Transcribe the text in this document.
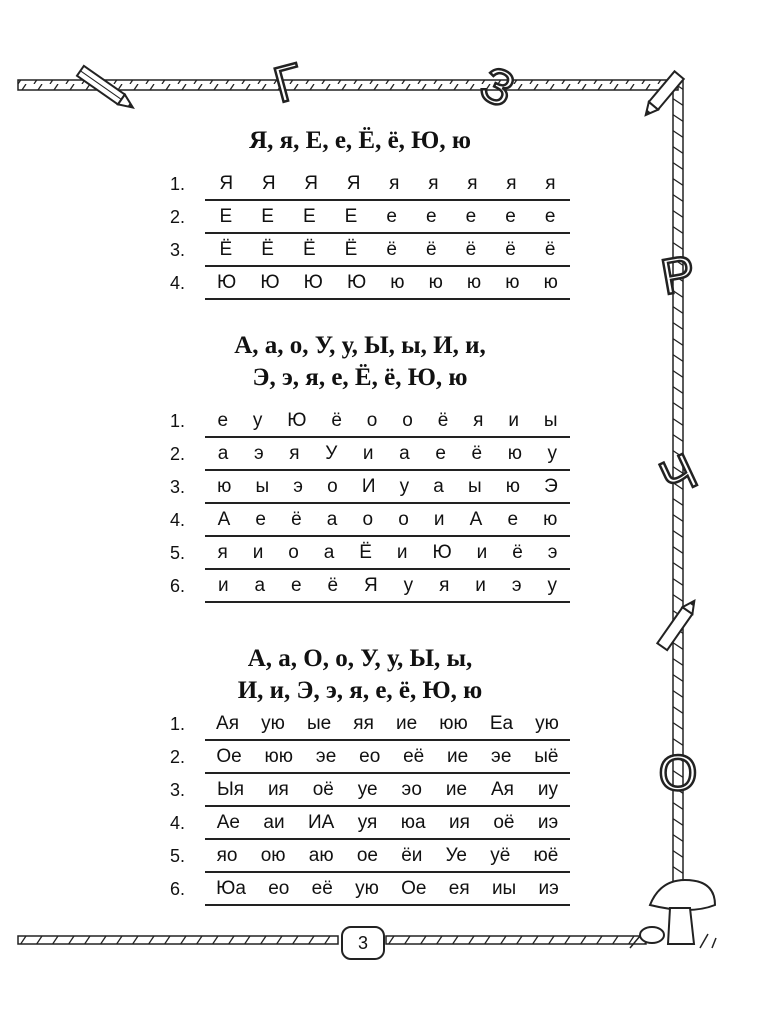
Г	З
Р
Ч
О
Я, я, Е, е, Ё, ё, Ю, ю
1.	Я Я Я Я я я я я я
2.	Е Е Е Е е е е е е
3.	Ё Ё Ё Ё ё ё ё ё ё
4.	Ю Ю Ю Ю ю ю ю ю ю
А, а, о, У, у, Ы, ы, И, и,
Э, э, я, е, Ё, ё, Ю, ю
1.	е у Ю ё о о ё я и ы
2.	а э я У и а е ё ю у
3.	ю ы э о И у а ы ю Э
4.	А е ё а о о и А е ю
5.	я и о а Ё и Ю и ё э
6.	и а е ё Я у я и э у
А, а, О, о, У, у, Ы, ы,
И, и, Э, э, я, е, ё, Ю, ю
1.	Ая ую ые яя ие юю Еа ую
2.	Ое юю эе ео её ие эе ыё
3.	Ыя ия оё уе эо ие Ая иу
4.	Ае аи ИА уя юа ия оё иэ
5.	яо ою аю ое ёи Уе уё юё
6.	Юа ео её ую Ое ея иы иэ
3
